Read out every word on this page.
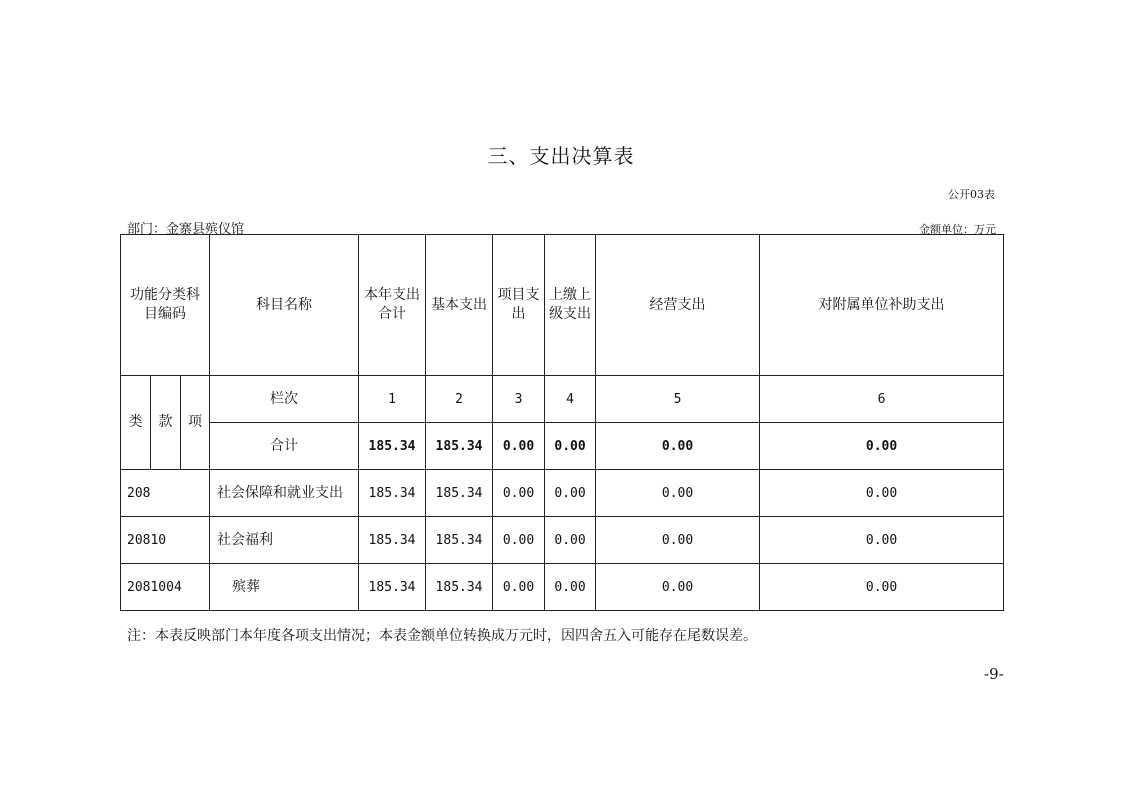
三、支出决算表
公开03表
部门：金寨县殡仪馆	金额单位：万元
功能分类科目编码			科目名称	本年支出合计	基本支出	项目支出	上缴上级支出	经营支出	对附属单位补助支出
类	款	项	栏次	1	2	3	4	5	6
			合计	185.34	185.34	0.00	0.00	0.00	0.00
208			社会保障和就业支出	185.34	185.34	0.00	0.00	0.00	0.00
20810			社会福利	185.34	185.34	0.00	0.00	0.00	0.00
2081004			殡葬	185.34	185.34	0.00	0.00	0.00	0.00
注：本表反映部门本年度各项支出情况；本表金额单位转换成万元时，因四舍五入可能存在尾数误差。
-9-
